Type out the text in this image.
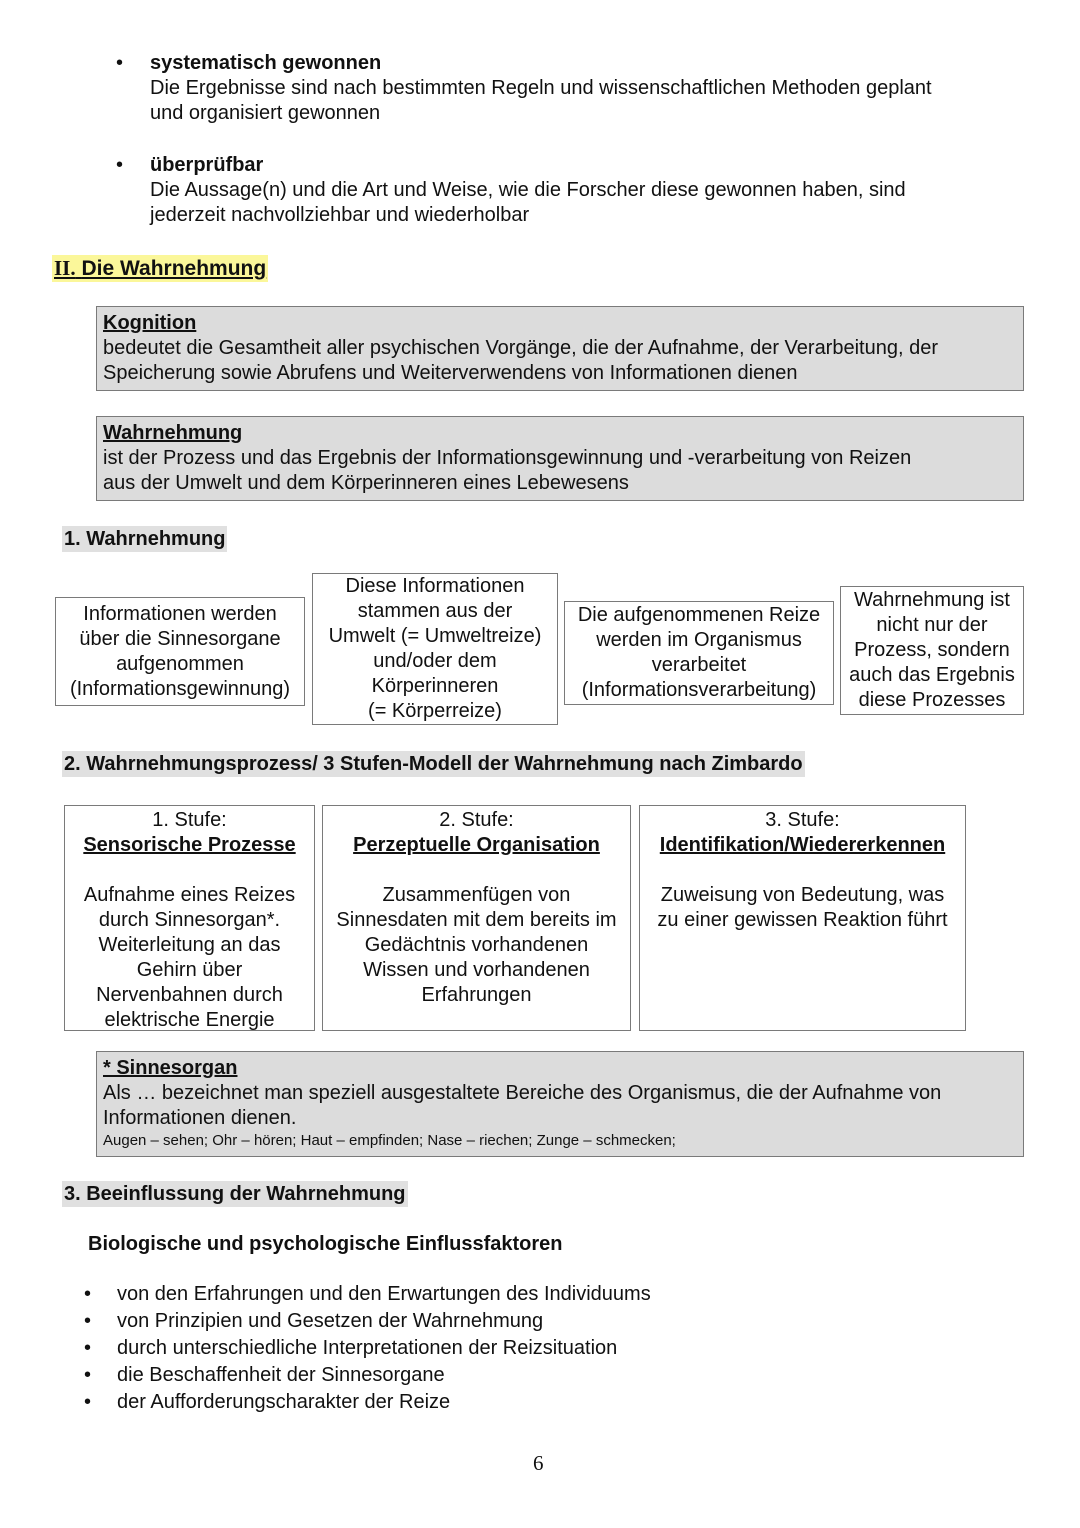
• systematisch gewonnen
Die Ergebnisse sind nach bestimmten Regeln und wissenschaftlichen Methoden geplant
und organisiert gewonnen
• überprüfbar
Die Aussage(n) und die Art und Weise, wie die Forscher diese gewonnen haben, sind
jederzeit nachvollziehbar und wiederholbar
II. Die Wahrnehmung
Kognition
bedeutet die Gesamtheit aller psychischen Vorgänge, die der Aufnahme, der Verarbeitung, der
Speicherung sowie Abrufens und Weiterverwendens von Informationen dienen
Wahrnehmung
ist der Prozess und das Ergebnis der Informationsgewinnung und -verarbeitung von Reizen
aus der Umwelt und dem Körperinneren eines Lebewesens
1. Wahrnehmung
Informationen werden
über die Sinnesorgane
aufgenommen
(Informationsgewinnung)
Diese Informationen
stammen aus der
Umwelt (= Umweltreize)
und/oder dem
Körperinneren
(= Körperreize)
Die aufgenommenen Reize
werden im Organismus
verarbeitet
(Informationsverarbeitung)
Wahrnehmung ist
nicht nur der
Prozess, sondern
auch das Ergebnis
diese Prozesses
2. Wahrnehmungsprozess/ 3 Stufen-Modell der Wahrnehmung nach Zimbardo
1. Stufe:
Sensorische Prozesse
Aufnahme eines Reizes
durch Sinnesorgan*.
Weiterleitung an das
Gehirn über
Nervenbahnen durch
elektrische Energie
2. Stufe:
Perzeptuelle Organisation
Zusammenfügen von
Sinnesdaten mit dem bereits im
Gedächtnis vorhandenen
Wissen und vorhandenen
Erfahrungen
3. Stufe:
Identifikation/Wiedererkennen
Zuweisung von Bedeutung, was
zu einer gewissen Reaktion führt
* Sinnesorgan
Als … bezeichnet man speziell ausgestaltete Bereiche des Organismus, die der Aufnahme von
Informationen dienen.
Augen – sehen; Ohr – hören; Haut – empfinden; Nase – riechen; Zunge – schmecken;
3. Beeinflussung der Wahrnehmung
Biologische und psychologische Einflussfaktoren
• von den Erfahrungen und den Erwartungen des Individuums
• von Prinzipien und Gesetzen der Wahrnehmung
• durch unterschiedliche Interpretationen der Reizsituation
• die Beschaffenheit der Sinnesorgane
• der Aufforderungscharakter der Reize
6
